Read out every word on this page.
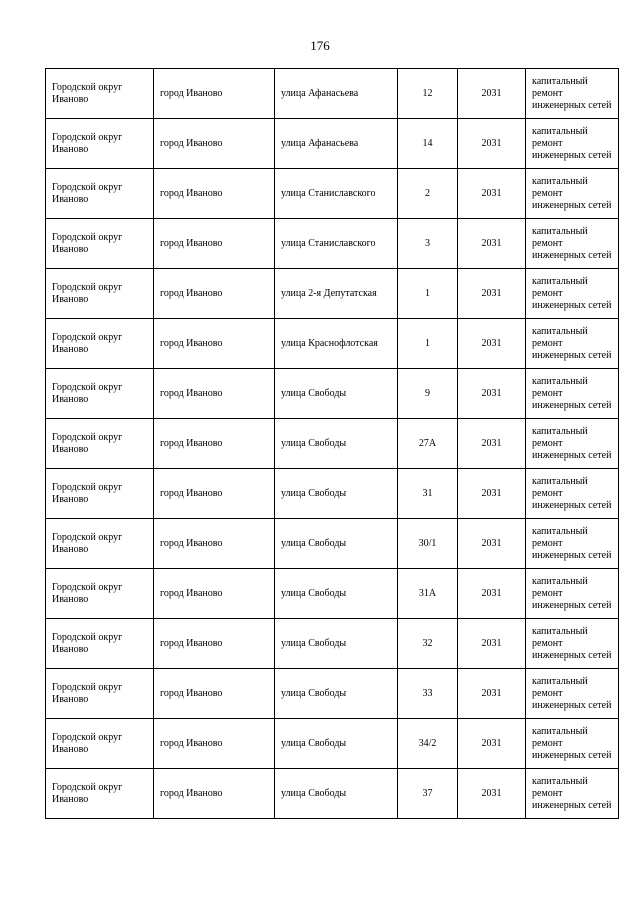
176
Городской округ Иваново	город Иваново	улица Афанасьева	12	2031	капитальный ремонт инженерных сетей
Городской округ Иваново	город Иваново	улица Афанасьева	14	2031	капитальный ремонт инженерных сетей
Городской округ Иваново	город Иваново	улица Станиславского	2	2031	капитальный ремонт инженерных сетей
Городской округ Иваново	город Иваново	улица Станиславского	3	2031	капитальный ремонт инженерных сетей
Городской округ Иваново	город Иваново	улица 2-я Депутатская	1	2031	капитальный ремонт инженерных сетей
Городской округ Иваново	город Иваново	улица Краснофлотская	1	2031	капитальный ремонт инженерных сетей
Городской округ Иваново	город Иваново	улица Свободы	9	2031	капитальный ремонт инженерных сетей
Городской округ Иваново	город Иваново	улица Свободы	27А	2031	капитальный ремонт инженерных сетей
Городской округ Иваново	город Иваново	улица Свободы	31	2031	капитальный ремонт инженерных сетей
Городской округ Иваново	город Иваново	улица Свободы	30/1	2031	капитальный ремонт инженерных сетей
Городской округ Иваново	город Иваново	улица Свободы	31А	2031	капитальный ремонт инженерных сетей
Городской округ Иваново	город Иваново	улица Свободы	32	2031	капитальный ремонт инженерных сетей
Городской округ Иваново	город Иваново	улица Свободы	33	2031	капитальный ремонт инженерных сетей
Городской округ Иваново	город Иваново	улица Свободы	34/2	2031	капитальный ремонт инженерных сетей
Городской округ Иваново	город Иваново	улица Свободы	37	2031	капитальный ремонт инженерных сетей
